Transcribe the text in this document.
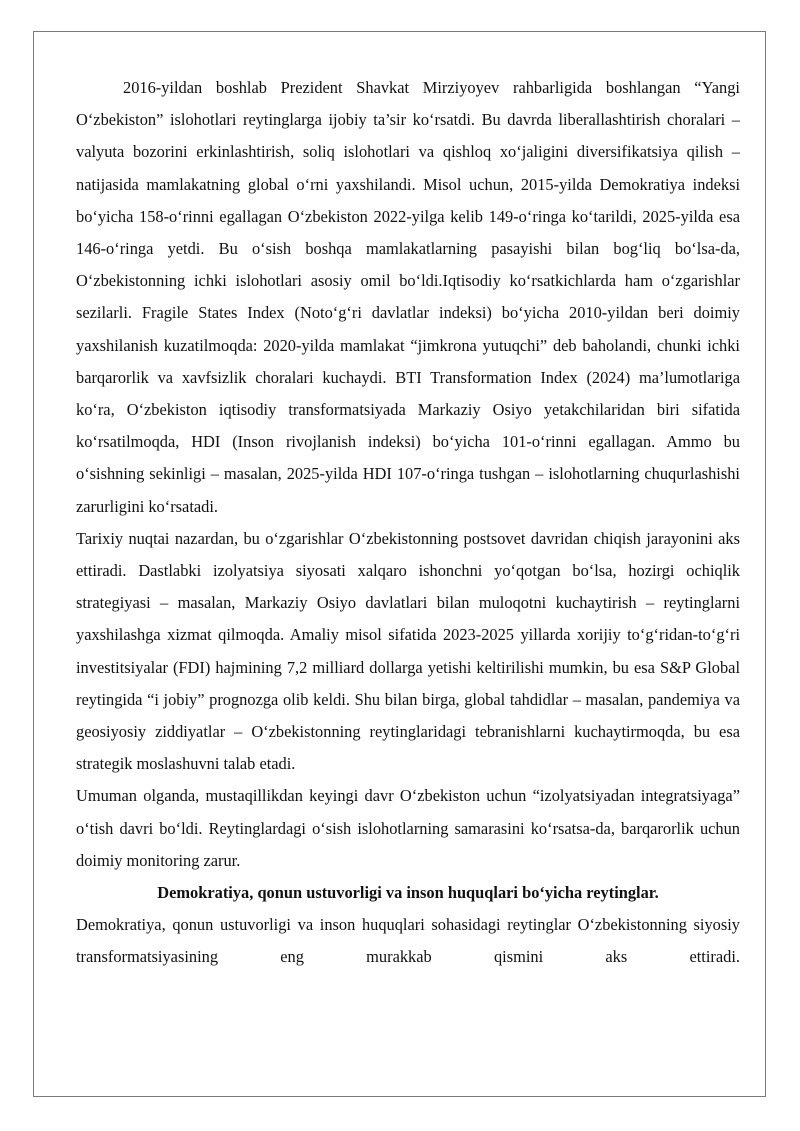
2016-yildan boshlab Prezident Shavkat Mirziyoyev rahbarligida boshlangan “Yangi O‘zbekiston” islohotlari reytinglarga ijobiy ta’sir ko‘rsatdi. Bu davrda liberallashtirish choralari – valyuta bozorini erkinlashtirish, soliq islohotlari va qishloq xo‘jaligini diversifikatsiya qilish – natijasida mamlakatning global o‘rni yaxshilandi. Misol uchun, 2015-yilda Demokratiya indeksi bo‘yicha 158-o‘rinni egallagan O‘zbekiston 2022-yilga kelib 149-o‘ringa ko‘tarildi, 2025-yilda esa 146-o‘ringa yetdi. Bu o‘sish boshqa mamlakatlarning pasayishi bilan bog‘liq bo‘lsa-da, O‘zbekistonning ichki islohotlari asosiy omil bo‘ldi.Iqtisodiy ko‘rsatkichlarda ham o‘zgarishlar sezilarli. Fragile States Index (Noto‘g‘ri davlatlar indeksi) bo‘yicha 2010-yildan beri doimiy yaxshilanish kuzatilmoqda: 2020-yilda mamlakat “jimkrona yutuqchi” deb baholandi, chunki ichki barqarorlik va xavfsizlik choralari kuchaydi. BTI Transformation Index (2024) ma’lumotlariga ko‘ra, O‘zbekiston iqtisodiy transformatsiyada Markaziy Osiyo yetakchilaridan biri sifatida ko‘rsatilmoqda, HDI (Inson rivojlanish indeksi) bo‘yicha 101-o‘rinni egallagan. Ammo bu o‘sishning sekinligi – masalan, 2025-yilda HDI 107-o‘ringa tushgan – islohotlarning chuqurlashishi zarurligini ko‘rsatadi.

Tarixiy nuqtai nazardan, bu o‘zgarishlar O‘zbekistonning postsovet davridan chiqish jarayonini aks ettiradi. Dastlabki izolyatsiya siyosati xalqaro ishonchni yo‘qotgan bo‘lsa, hozirgi ochiqlik strategiyasi – masalan, Markaziy Osiyo davlatlari bilan muloqotni kuchaytirish – reytinglarni yaxshilashga xizmat qilmoqda. Amaliy misol sifatida 2023-2025 yillarda xorijiy to‘g‘ridan-to‘g‘ri investitsiyalar (FDI) hajmining 7,2 milliard dollarga yetishi keltirilishi mumkin, bu esa S&P Global reytingida “i jobiy” prognozga olib keldi. Shu bilan birga, global tahdidlar – masalan, pandemiya va geosiyosiy ziddiyatlar – O‘zbekistonning reytinglaridagi tebranishlarni kuchaytirmoqda, bu esa strategik moslashuvni talab etadi.

Umuman olganda, mustaqillikdan keyingi davr O‘zbekiston uchun “izolyatsiyadan integratsiyaga” o‘tish davri bo‘ldi. Reytinglardagi o‘sish islohotlarning samarasini ko‘rsatsa-da, barqarorlik uchun doimiy monitoring zarur.

Demokratiya, qonun ustuvorligi va inson huquqlari bo‘yicha reytinglar.

Demokratiya, qonun ustuvorligi va inson huquqlari sohasidagi reytinglar O‘zbekistonning siyosiy transformatsiyasining eng murakkab qismini aks ettiradi.
